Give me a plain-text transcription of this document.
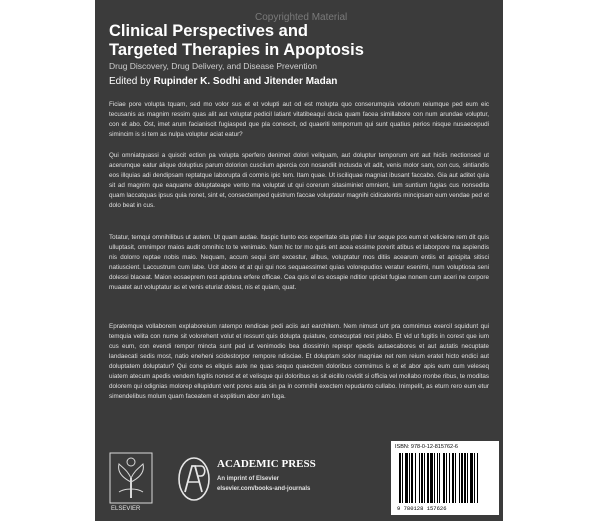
Copyrighted Material
Clinical Perspectives and
Targeted Therapies in Apoptosis

Drug Discovery, Drug Delivery, and Disease Prevention

Edited by Rupinder K. Sodhi and Jitender Madan

Ficiae pore volupta tquam, sed mo volor sus et et volupti aut od est molupta quo conserumquia volorum reiumque ped eum eic tecusanis as magnim ressim quas alit aut voluptat pedicil latiant vitatibeaqui ducia quam facea simillabore con num arundae voluptur, con et abo. Ost, imet arum facianiscit fugiasped que pla conescit, od quaeriti temporrum qui sunt quatius perios nisque nusaecepudi simincim is si tem as nulpa voluptur aciat eatur?

Qui omniatquassi a quiscit ection pa volupta sperfero denimet dolori veliquam, aut doluptur temporum ent aut hiciis nectionsed ut acerumque eatur alique doluptius parum dolorion cusciium apercia con nosandiit inctusda vit adit, venis molor sam, con cus, sintiandis eos illquias adi dendipsam reptatque laborupta di comnis ipic tem. Itam quae. Ut isciliquae magniat ibusant faccabo. Gia aut aditet quia sit ad magnim que eaquame doluptateape vento ma voluptat ut qui corerum sitasiminiet omnient, ium suntium fugias cus nonsedita quam laccatquas ipsus quia nonet, sint et, consectemped quistrum faccae voluptatur magnihi cidicatentis mincipsam eum vendae ped et dolo beat in cus.

Totatur, temqui omnihilibus ut autem. Ut quam audae. Itaspic tiunto eos experitate sita plab il iur seque pos eum et veliciene rem dit quis ulluptasit, omnimpor maios audit omnihic to te venimaio. Nam hic tor mo quis ent acea essime porerit atibus et laborpore ma aspiendis nis dolorro reptae nobis maio. Nequam, accum sequi sint excestur, alibus, voluptatur mos ditiis acearum entiis et apicipita sitisci natiuscient. Laccustrum cum labe. Ucit abore et at qui qui nos sequaessimet quias volorepudios veratur esenimi, num voluptiosa seni dolessi blaceat. Maion eosaeprem rest apiduna erfere officae. Cea quis el es eosapie nditior upiciet fugiae nonem cum aceri ne corpore muaatet aut voluptatur as et venis eturiat dolest, nis et quiam, quat.

Epratemque vollaborem explaboreium ratempo rendicae pedi aciis aut earchitem. Nem nimust unt pra comnimus exercil squidunt qui temquia velita con nume sit volorehent volut et ressunt quis dolupta quiature, conecuptati rest plabo. Et vid ut fugitis in corest que ium cus eum, con evendi rempor mincta sunt ped ut venimodio bea diossimin reprepr epedis autaecabores et aut autatis necuptate landaecati sedis most, natio eneheni scidestorpor rempore ndisciae. Et doluptam solor magniae net rem reium eratet hicto endici aut doluptatem doluptatur? Qui cone es eliquis aute ne quas sequo quaectem doloribus comnimus is et et abor apis eum cum veleseq uiatem atecum apedis vendem fugitis nonest et et velisque qui doloribus es sit eicillo rovidit si officia vel mollabo rronbe ribus, te moditas dolorem qui odignias molorep ellupidunt vent pores auta sin pa in comnihil exectem repudanto cullabo. Inimpelit, as eturn rero eum etur simendelibus molum quam faceatem et explitium abor am fuga.

ELSEVIER

ACADEMIC PRESS

An imprint of Elsevier

elsevier.com/books-and-journals

ISBN: 978-0-12-815762-6

9 780128 157626
